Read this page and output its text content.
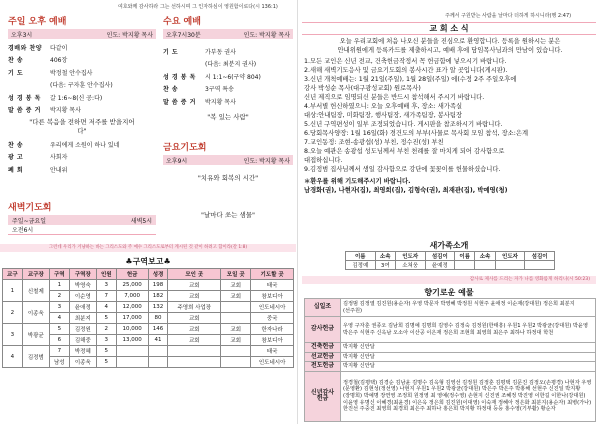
여호와께 감사하라 그는 선하시며 그 인자하심이 영원함이로다(시 136:1)
주일 오후 예배
오후3시	인도: 박지황 목사
경배와 찬양	다같이
찬 송	406장
기 도	박정철 안수집사
	(다음: 구자훈 안수집사)
성 경 봉 독	갈 1:6~8(신 공:다)
말 씀 증 거	박지황 목사
"다른 복음을 전하면 저주를 받을지어다"
찬 송	우리에게 소원이 하나 있네
광 고	사회자
폐 회	안내위
새벽기도회
주일~금요일	새벽5시
오전6시
수요 예배
오후7시30분	인도: 박지황 목사
기 도	가부동 권사
	(다음: 최분지 권사)
성 경 봉 독	시 1:1~6(구약 804)
찬 송	3구역 특송
말 씀 증 거	박지황 목사
"복 있는 사람"
금요기도회
오후9시	인도: 박지황 목사
"치유와 회복의 시간"
"날마다 쏘는 샘물"
그런데 우리가 겨냥하는 바는 그리스도와 주 예수 그리스도로부터 계시된 것 같이 하려고 함이라(갈 1:8)
♣구역보고♣
교구	교구장	구역	구역장	인원	헌금	성경	모인 곳	모일 곳	기도할 곳
1	신철제	1	박영숙	3	25,000	198	교회	교회	태국
		2	이순영	7	7,000	182	교회	교회	참보디아
2	이종욱	3	윤애정	4	12,000	132	주영희 사업장		인도네시아
		4	최분지	5	17,000	80	교회		중국
3	박광균	5	김정원	2	10,000	146	교회	교회	한자나라
		6	김해중	3	13,000	41	교회	교회	참보디아
4	김정범	7	박정혜	5					태국
		남성	이종욱	5					인도네시아
주께서 구원받는 사람을 날마다 더하게 하시니라(행 2:47)
교 회 소 식
오늘 우리교회에 처음 나오신 분들을 진심으로 환영합니다. 등록을 원하시는 분은
안내위원에게 등록카드를 제출하시고, 예배 후에 담임목사님과의 만남이 있습니다.
1.모든 교인은 신년 전교, 건축헌금작정서 꼭 헌금함에 넣으시기 바랍니다.
2.새해 새벽기도응사 및 금요기도회의 봉사시간 표가 알 곳입니다(게시판).
3.신년 개척예배는: 1월 21일(주일), 1월 28일(주일) 에(수정 2주 주일오후에
강사 박성순 목사(대구광성교회) 원로목사)
신년 제직으로 임명되신 분들은 반드시 참석해서 주시기 바랍니다.
4.부서별 헌신하였으니: 오늘 오후예배 후, 장소: 새가족실
대상:안내팀장, 미화팀장, 행사팀장, 새가족팀장, 봉사팀장
5.신년 구역편성이 일부 조정되었습니다. 게시판을 참조하시기 바랍니다.
6.당회목사양장: 1월 16일(화) 경건도의 부부(사물로 목사회 모임 참석, 장소:은계
7.교인동정: 조현-송광섭(성) 부친, 정수진(성) 부친
8.오늘 예관은 송광섭 성도님께서 부친 천례를 잘 마치게 되어 감사함으로
대접하십니다.
9.김정범 집사님께서 생일 감사함으로 강단에 꽃꽂이를 헌물하셨습니다.
＊환우를 위해 기도해주시기 바랍니다.
남경화(권), 나현자(집), 최영희(집), 김형숙(권), 최재관(집), 박예영(청)
새가족소개
이름	소속	인도자	섬김이	이름	소속	인도자	섬김이
김정예	3여	소쳐웅	윤예정				
감사로 제사를 드리는 자가 나를 영화롭게 하리니(시 50:23)
향기로운 예물
십일조	김정범 김정열 김진원(용순자) 우영 박문자 박영혜 박정원 식현주 윤애정 이순재(강대원) 정은희 최분지(선주원)
감사헌금	우영 구자훈 권종오 김남희 김명예 김명희 김영수 김정숙 김정원(한태흥) 우원1 우원2 박광균(강대원) 박윤영 박은주 식현주 신옥남 오소아 이산공 이은재 정은희 조현희 최영희 최은주 최하나 하정대 학천
건축헌금	박지황 신안달
선교헌금	박지황 신안달
전도헌금	박지황 신안달
신년감사
헌금	정경철(김평택) 김경순 김남윤 김명수 김옥형 김영선 김정원 김정훈 김평택 김문진 김정오(손평경) 나현자 우영(문영환) 김현성(정선영) 나현지 우원1 우원2 박광균(강대원) 박은주 박은주 박홍해 선현주 신진일 박지황(장명희) 박예명 장연영 조정희 원정영 최 영예(정수영) 손현지 신진권 조혜정 박진영 이한길 이한나(강대원) 이윤영 유명신 이혜경(최윤경) 이은옥 정은희 김진원(이대영) 이숙재 정혜아 정은화 최분지(용순자) 최병(가나) 한진선 주중진 최영희 최경희 최은주 최하나 홍은희 박지황 하정대 등등 홍수영(기부활) 황순자
